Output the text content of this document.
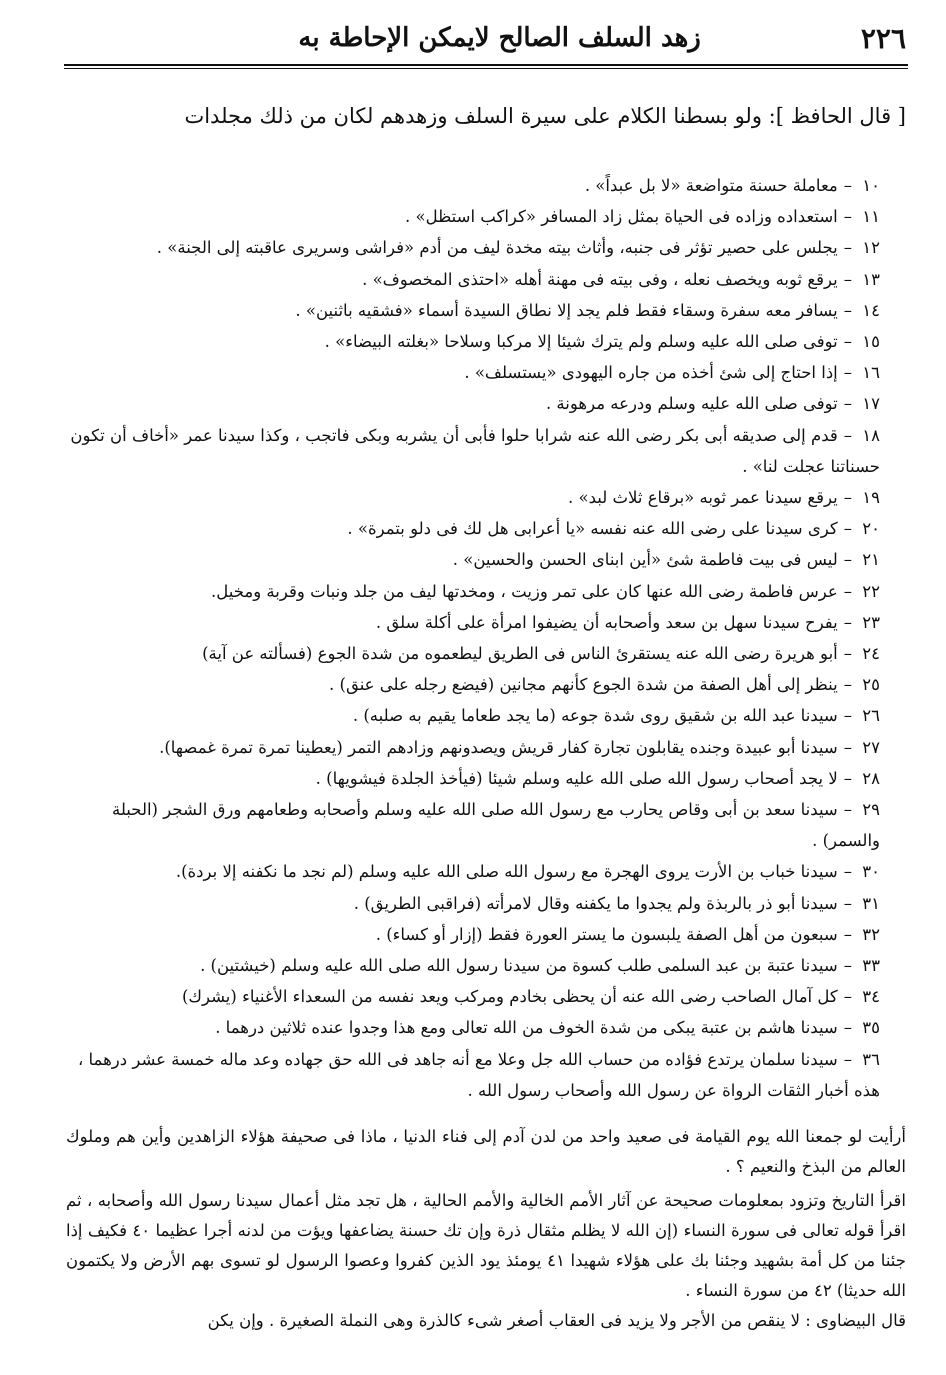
٢٢٦
زهد السلف الصالح لايمكن الإحاطة به
[ قال الحافظ ]: ولو بسطنا الكلام على سيرة السلف وزهدهم لكان من ذلك مجلدات
١٠–معاملة حسنة متواضعة «لا بل عبداً» .
١١–استعداده وزاده فى الحياة بمثل زاد المسافر «كراكب استظل» .
١٢–يجلس على حصير تؤثر فى جنبه، وأثاث بيته مخدة ليف من أدم «فراشى وسريرى عاقبته إلى الجنة» .
١٣–يرقع ثوبه ويخصف نعله ، وفى بيته فى مهنة أهله «احتذى المخصوف» .
١٤–يسافر معه سفرة وسقاء فقط فلم يجد إلا نطاق السيدة أسماء «فشقيه باثنين» .
١٥–توفى صلى الله عليه وسلم ولم يترك شيئا إلا مركبا وسلاحا «بغلته البيضاء» .
١٦–إذا احتاج إلى شئ أخذه من جاره اليهودى «يستسلف» .
١٧–توفى صلى الله عليه وسلم ودرعه مرهونة .
١٨–قدم إلى صديقه أبى بكر رضى الله عنه شرابا حلوا فأبى أن يشربه وبكى فاتجب ، وكذا سيدنا عمر «أخاف أن تكون حسناتنا عجلت لنا» .
١٩–يرقع سيدنا عمر ثوبه «برقاع ثلاث لبد» .
٢٠–كرى سيدنا على رضى الله عنه نفسه «يا أعرابى هل لك فى دلو بتمرة» .
٢١–ليس فى بيت فاطمة شئ «أين ابناى الحسن والحسين» .
٢٢–عرس فاطمة رضى الله عنها كان على تمر وزيت ، ومخدتها ليف من جلد ونبات وقربة ومخيل.
٢٣–يفرح سيدنا سهل بن سعد وأصحابه أن يضيفوا امرأة على أكلة سلق .
٢٤–أبو هريرة رضى الله عنه يستقرئ الناس فى الطريق ليطعموه من شدة الجوع (فسألته عن آية)
٢٥–ينظر إلى أهل الصفة من شدة الجوع كأنهم مجانين (فيضع رجله على عنق) .
٢٦–سيدنا عبد الله بن شقيق روى شدة جوعه (ما يجد طعاما يقيم به صلبه) .
٢٧–سيدنا أبو عبيدة وجنده يقابلون تجارة كفار قريش ويصدونهم وزادهم التمر (يعطينا تمرة تمرة غمصها).
٢٨–لا يجد أصحاب رسول الله صلى الله عليه وسلم شيئا (فيأخذ الجلدة فيشويها) .
٢٩–سيدنا سعد بن أبى وقاص يحارب مع رسول الله صلى الله عليه وسلم وأصحابه وطعامهم ورق الشجر (الحبلة والسمر) .
٣٠–سيدنا خباب بن الأرت يروى الهجرة مع رسول الله صلى الله عليه وسلم (لم نجد ما نكفنه إلا بردة).
٣١–سيدنا أبو ذر بالربذة ولم يجدوا ما يكفنه وقال لامرأته (فراقبى الطريق) .
٣٢–سبعون من أهل الصفة يلبسون ما يستر العورة فقط (إزار أو كساء) .
٣٣–سيدنا عتبة بن عبد السلمى طلب كسوة من سيدنا رسول الله صلى الله عليه وسلم (خيشتين) .
٣٤–كل آمال الصاحب رضى الله عنه أن يحظى بخادم ومركب ويعد نفسه من السعداء الأغنياء (يشرك)
٣٥–سيدنا هاشم بن عتبة يبكى من شدة الخوف من الله تعالى ومع هذا وجدوا عنده ثلاثين درهما .
٣٦–سيدنا سلمان يرتدع فؤاده من حساب الله جل وعلا مع أنه جاهد فى الله حق جهاده وعد ماله خمسة عشر درهما ، هذه أخبار الثقات الرواة عن رسول الله وأصحاب رسول الله .
أرأيت لو جمعنا الله يوم القيامة فى صعيد واحد من لدن آدم إلى فناء الدنيا ، ماذا فى صحيفة هؤلاء الزاهدين وأين هم وملوك العالم من البذخ والنعيم ؟ .
اقرأ التاريخ وتزود بمعلومات صحيحة عن آثار الأمم الخالية والأمم الحالية ، هل تجد مثل أعمال سيدنا رسول الله وأصحابه ، ثم اقرأ قوله تعالى فى سورة النساء (إن الله لا يظلم مثقال ذرة وإن تك حسنة يضاعفها ويؤت من لدنه أجرا عظيما ٤٠ فكيف إذا جئنا من كل أمة بشهيد وجئنا بك على هؤلاء شهيدا ٤١ يومئذ يود الذين كفروا وعصوا الرسول لو تسوى بهم الأرض ولا يكتمون الله حديثا) ٤٢ من سورة النساء .
قال البيضاوى : لا ينقص من الأجر ولا يزيد فى العقاب أصغر شىء كالذرة وهى النملة الصغيرة . وإن يكن
